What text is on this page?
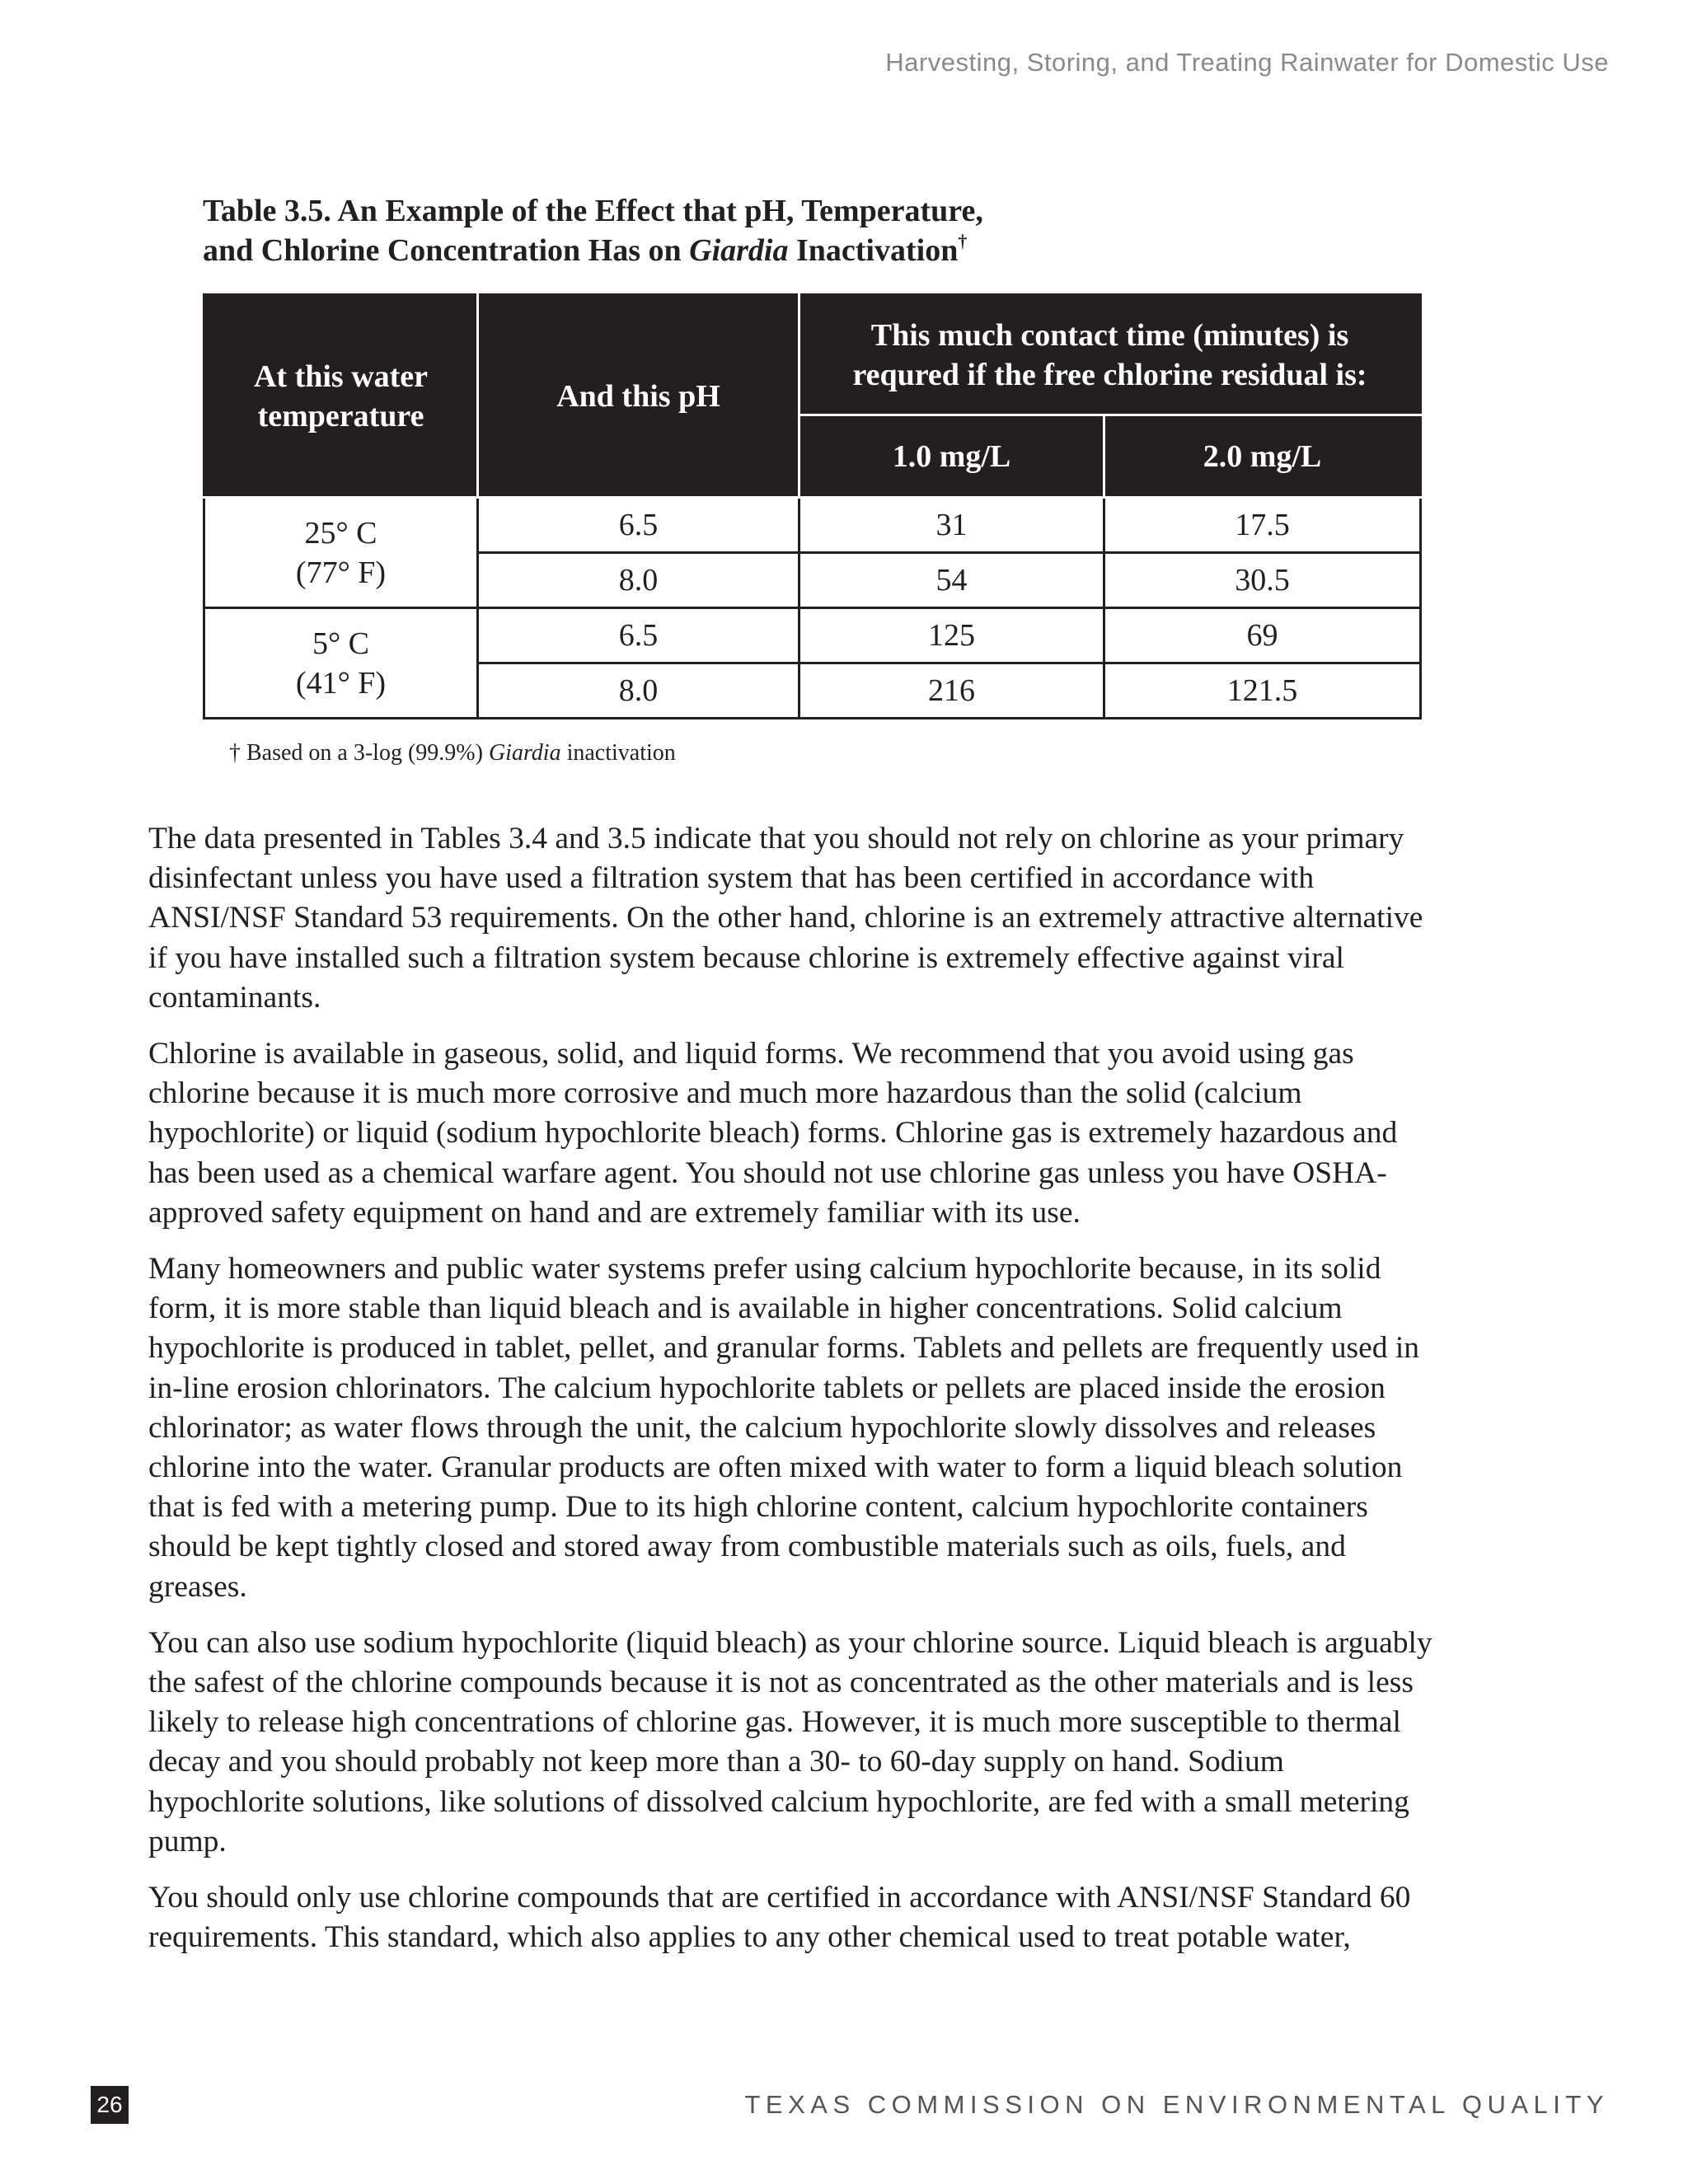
Harvesting, Storing, and Treating Rainwater for Domestic Use
Table 3.5. An Example of the Effect that pH, Temperature,
and Chlorine Concentration Has on Giardia Inactivation†
At this water temperature	And this pH	This much contact time (minutes) is requred if the free chlorine residual is:	
		1.0 mg/L	2.0 mg/L

25° C
(77° F)	6.5	31	17.5
	8.0	54	30.5

5° C
(41° F)	6.5	125	69
	8.0	216	121.5
† Based on a 3-log (99.9%) Giardia inactivation

The data presented in Tables 3.4 and 3.5 indicate that you should not rely on chlorine as your primary disinfectant unless you have used a filtration system that has been certified in accordance with ANSI/NSF Standard 53 requirements. On the other hand, chlorine is an extremely attractive alternative if you have installed such a filtration system because chlorine is extremely effective against viral contaminants.

Chlorine is available in gaseous, solid, and liquid forms. We recommend that you avoid using gas chlorine because it is much more corrosive and much more hazardous than the solid (calcium hypochlorite) or liquid (sodium hypochlorite bleach) forms. Chlorine gas is extremely hazardous and has been used as a chemical warfare agent. You should not use chlorine gas unless you have OSHA-approved safety equipment on hand and are extremely familiar with its use.

Many homeowners and public water systems prefer using calcium hypochlorite because, in its solid form, it is more stable than liquid bleach and is available in higher concentrations. Solid calcium hypochlorite is produced in tablet, pellet, and granular forms. Tablets and pellets are frequently used in in-line erosion chlorinators. The calcium hypochlorite tablets or pellets are placed inside the erosion chlorinator; as water flows through the unit, the calcium hypochlorite slowly dissolves and releases chlorine into the water. Granular products are often mixed with water to form a liquid bleach solution that is fed with a metering pump. Due to its high chlorine content, calcium hypochlorite containers should be kept tightly closed and stored away from combustible materials such as oils, fuels, and greases.

You can also use sodium hypochlorite (liquid bleach) as your chlorine source. Liquid bleach is arguably the safest of the chlorine compounds because it is not as concentrated as the other materials and is less likely to release high concentrations of chlorine gas. However, it is much more susceptible to thermal decay and you should probably not keep more than a 30- to 60-day supply on hand. Sodium hypochlorite solutions, like solutions of dissolved calcium hypochlorite, are fed with a small metering pump.

You should only use chlorine compounds that are certified in accordance with ANSI/NSF Standard 60 requirements. This standard, which also applies to any other chemical used to treat potable water,

26	TEXAS COMMISSION ON ENVIRONMENTAL QUALITY
